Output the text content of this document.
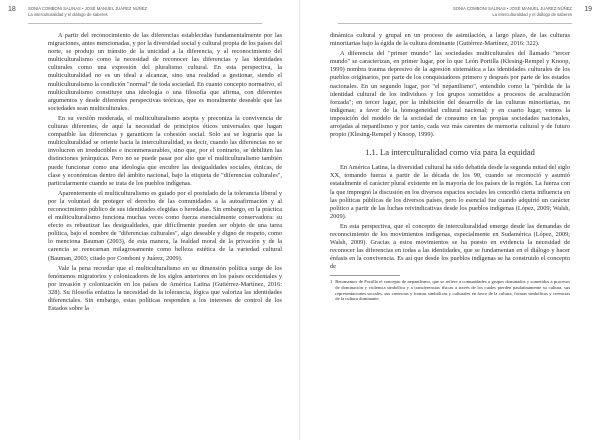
18	SONIA COMBONI SALINAS • JOSÉ MANUEL JUÁREZ NÚÑEZ
La interculturalidad y el diálogo de saberes

A partir del reconocimiento de las diferencias establecidas fundamentalmente por las migraciones, antes mencionadas, y por la diversidad social y cultural propia de los países del norte, se produjo un tránsito de la unicidad a la diferencia, y al reconocimiento del multiculturalismo como la necesidad de reconocer las diferencias y las identidades culturales como una expresión del pluralismo cultural. En esta perspectiva, la multiculturalidad no es un ideal a alcanzar, sino una realidad a gestionar, siendo el multiculturalismo la condición "normal" de toda sociedad. En cuanto concepto normativo, el multiculturalismo constituye una ideología o una filosofía que afirma, con diferentes argumentos y desde diferentes perspectivas teóricas, que es moralmente deseable que las sociedades sean multiculturales.

En su versión moderada, el multiculturalismo acepta y preconiza la convivencia de culturas diferentes, de aquí la necesidad de principios éticos universales que hagan compatible las diferencias y garanticen la cohesión social. Solo así se lograría que la multiculturalidad se oriente hacia la interculturalidad, es decir, cuando las diferencias no se involucren en irreductibles e inconmensurables, sino que, por el contrario, se debiliten las distinciones jerárquicas. Pero no se puede pasar por alto que el multiculturalismo también puede funcionar como una ideología que encubre las desigualdades sociales, étnicas, de clase y económicas dentro del ámbito nacional, bajo la etiqueta de "diferencias culturales", particularmente cuando se trata de los pueblos indígenas.

Aparentemente el multiculturalismo es guiado por el postulado de la tolerancia liberal y por la voluntad de proteger el derecho de las comunidades a la autoafirmación y al reconocimiento público de sus identidades elegidas o heredadas. Sin embargo, en la práctica el multiculturalismo funciona muchas veces como fuerza esencialmente conservadora: su efecto es rebautizar las desigualdades, que difícilmente pueden ser objeto de una tarea política, bajo el nombre de "diferencias culturales", algo deseable y digno de respeto, como lo menciona Bauman (2003), de esta manera, la fealdad moral de la privación y de la carencia se reencarnan milagrosamente como belleza estética de la variedad cultural (Bauman, 2003; citado por Comboni y Juárez, 2009).

Vale la pena recordar que el multiculturalismo en su dimensión política surge de los fenómenos migratorios y colonizadores de los siglos anteriores en los países occidentales y por invasión y colonización en los países de América Latina (Gutiérrez-Martínez, 2016: 328). Su filosofía enfatiza la necesidad de la tolerancia, lógica que valoriza las identidades diferenciales. Sin embargo, estas políticas responden a los intereses de control de los Estados sobre la

SONIA COMBONI SALINAS • JOSÉ MANUEL JUÁREZ NÚÑEZ
La interculturalidad y el diálogo de saberes
19

dinámica cultural y grupal en un proceso de asimilación, a largo plazo, de las culturas minoritarias bajo la égida de la cultura dominante (Gutiérrez-Martínez, 2016: 322).

A diferencia del "primer mundo" las sociedades multiculturales del llamado "tercer mundo" se caracterizan, en primer lugar, por lo que León Portilla (Klesing-Rempel y Knoop, 1999) nombra trauma depresivo de la agresión sistemática a las identidades culturales de los pueblos originarios, por parte de los conquistadores primero y después por parte de los estados nacionales. En un segundo lugar, por "el nepantlismo", entendido como la "pérdida de la identidad cultural de los individuos y los grupos sometidos a procesos de aculturación forzada"; en tercer lugar, por la inhibición del desarrollo de las culturas minoritarias, no indígenas; a favor de la homogeneidad cultural nacional; y en cuarto lugar, vemos la imposición del modelo de la sociedad de consumo en las propias sociedades nacionales, arrojadas al nepantlismo y por tanto, cada vez más carentes de memoria cultural y de futuro propio (Klesing-Rempel y Knoop, 1999).

1.1. La interculturalidad como vía para la equidad

En América Latina, la diversidad cultural ha sido debatida desde la segunda mitad del siglo XX, tomando fuerza a partir de la década de los 90, cuando se reconoció y asumió estatalmente el carácter plural existente en la mayoría de los países de la región. La fuerza con la que impregnó la discusión en los diversos espacios sociales les concedió cierta influencia en las políticas públicas de los diversos países, pero lo esencial fue cuando adquirió un carácter político a partir de las luchas reivindicativas desde los pueblos indígenas (López, 2009; Walsh, 2009).

En esta perspectiva, que el concepto de interculturalidad emerge desde las demandas de reconocimiento de los movimientos indígenas, especialmente en Sudamérica (López, 2009; Walsh, 2009). Gracias a estos movimientos se ha puesto en evidencia la necesidad de reconocer las diferencias en todas a las identidades, que se fundamentan en el diálogo y hacer énfasis en la convivencia. Es así que desde los pueblos indígenas se ha construido el concepto de

1 Retomamos de Portilla el concepto de nepantlismo, que se refiere a comunidades o grupos dominados y sometidos a procesos de dominación y violencia simbólica y a transferencias físicas a través de los cuales pierden paulatinamente su cultura, sus representaciones sociales, sus creencias y formas simbólicas y culturales en favor de la cultura, formas simbólicas y creencias de la cultura dominante.
